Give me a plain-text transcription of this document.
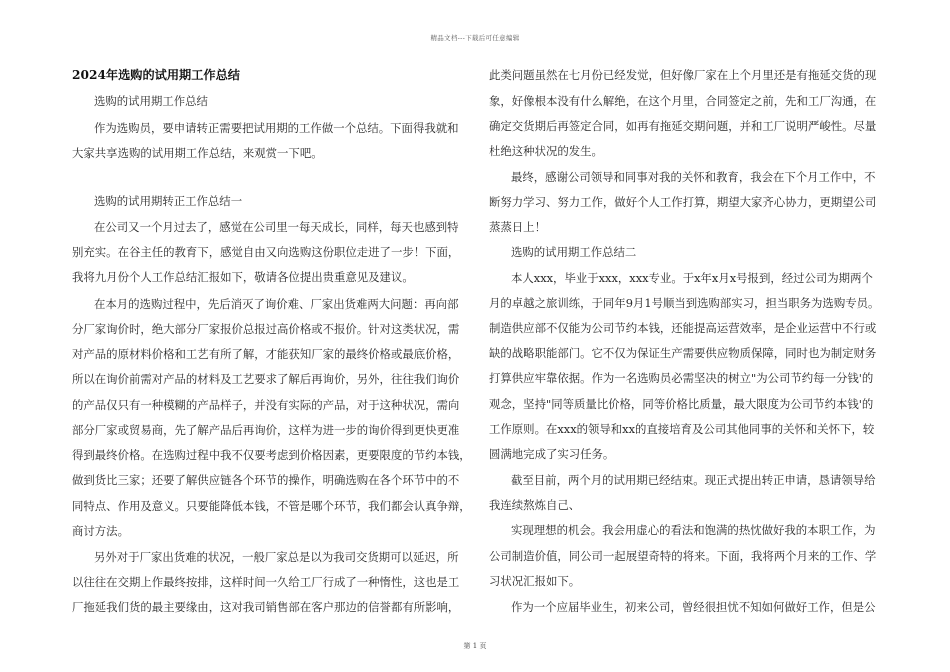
精品文档---下载后可任意编辑
2024年选购的试用期工作总结
选购的试用期工作总结
作为选购员，要申请转正需要把试用期的工作做一个总结。下面得我就和
大家共享选购的试用期工作总结，来观赏一下吧。
选购的试用期转正工作总结一
在公司又一个月过去了，感觉在公司里一每天成长，同样，每天也感到特
别充实。在谷主任的教育下，感觉自由又向选购这份职位走进了一步！下面，
我将九月份个人工作总结汇报如下，敬请各位提出贵重意见及建议。
在本月的选购过程中，先后消灭了询价难、厂家出货难两大问题：再向部
分厂家询价时，绝大部分厂家报价总报过高价格或不报价。针对这类状况，需
对产品的原材料价格和工艺有所了解，才能获知厂家的最终价格或最底价格，
所以在询价前需对产品的材料及工艺要求了解后再询价，另外，往往我们询价
的产品仅只有一种模糊的产品样子，并没有实际的产品，对于这种状况，需向
部分厂家或贸易商，先了解产品后再询价，这样为进一步的询价得到更快更准
得到最终价格。在选购过程中我不仅要考虑到价格因素，更要限度的节约本钱，
做到货比三家；还要了解供应链各个环节的操作，明确选购在各个环节中的不
同特点、作用及意义。只要能降低本钱，不管是哪个环节，我们都会认真争辩，
商讨方法。
另外对于厂家出货难的状况，一般厂家总是以为我司交货期可以延迟，所
以往往在交期上作最终按排，这样时间一久给工厂行成了一种惰性，这也是工
厂拖延我们货的最主要缘由，这对我司销售部在客户那边的信誉都有所影响，
此类问题虽然在七月份已经发觉，但好像厂家在上个月里还是有拖延交货的现
象，好像根本没有什么解绝，在这个月里，合同签定之前，先和工厂沟通，在
确定交货期后再签定合同，如再有拖延交期问题，并和工厂说明严峻性。尽量
杜绝这种状况的发生。
最终，感谢公司领导和同事对我的关怀和教育，我会在下个月工作中，不
断努力学习、努力工作，做好个人工作打算，期望大家齐心协力，更期望公司
蒸蒸日上！
选购的试用期工作总结二
本人xxx，毕业于xxx，xxx专业。于x年x月x号报到，经过公司为期两个
月的卓越之旅训练，于同年9月1号顺当到选购部实习，担当职务为选购专员。
制造供应部不仅能为公司节约本钱，还能提高运营效率，是企业运营中不行或
缺的战略职能部门。它不仅为保证生产需要供应物质保障，同时也为制定财务
打算供应牢靠依据。作为一名选购员必需坚决的树立"为公司节约每一分钱'的
观念，坚持"同等质量比价格，同等价格比质量，最大限度为公司节约本钱'的
工作原则。在xxx的领导和xx的直接培育及公司其他同事的关怀和关怀下，较
圆满地完成了实习任务。
截至目前，两个月的试用期已经结束。现正式提出转正申请，恳请领导给
我连续熬炼自己、
实现理想的机会。我会用虚心的看法和饱满的热忱做好我的本职工作，为
公司制造价值，同公司一起展望奇特的将来。下面，我将两个月来的工作、学
习状况汇报如下。
作为一个应届毕业生，初来公司，曾经很担忧不知如何做好工作，但是公
第 1 页
